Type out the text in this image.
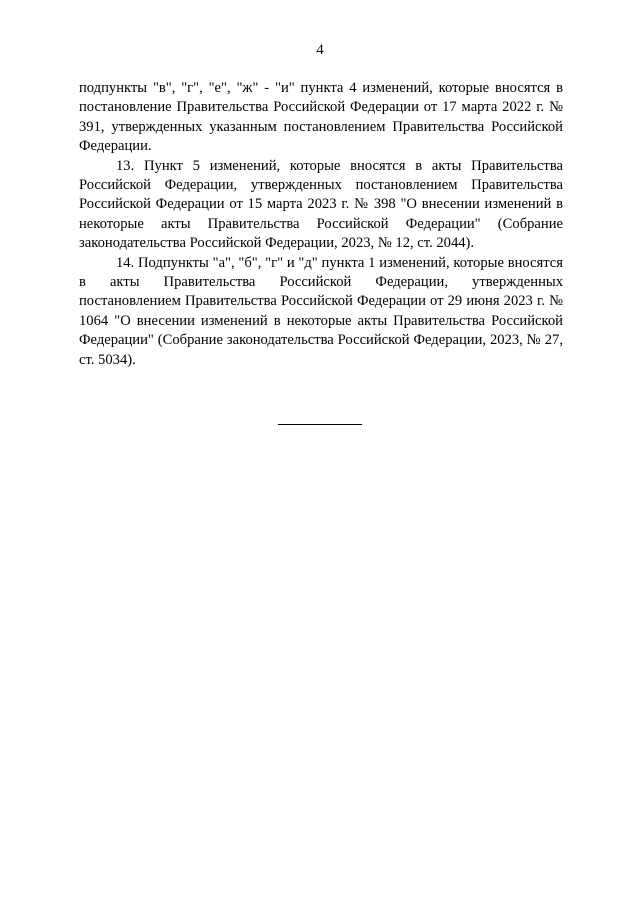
4

подпункты "в", "г", "е", "ж" - "и" пункта 4 изменений, которые вносятся в постановление Правительства Российской Федерации от 17 марта 2022 г. № 391, утвержденных указанным постановлением Правительства Российской Федерации.

13. Пункт 5 изменений, которые вносятся в акты Правительства Российской Федерации, утвержденных постановлением Правительства Российской Федерации от 15 марта 2023 г. № 398 "О внесении изменений в некоторые акты Правительства Российской Федерации" (Собрание законодательства Российской Федерации, 2023, № 12, ст. 2044).

14. Подпункты "а", "б", "г" и "д" пункта 1 изменений, которые вносятся в акты Правительства Российской Федерации, утвержденных постановлением Правительства Российской Федерации от 29 июня 2023 г. № 1064 "О внесении изменений в некоторые акты Правительства Российской Федерации" (Собрание законодательства Российской Федерации, 2023, № 27, ст. 5034).
